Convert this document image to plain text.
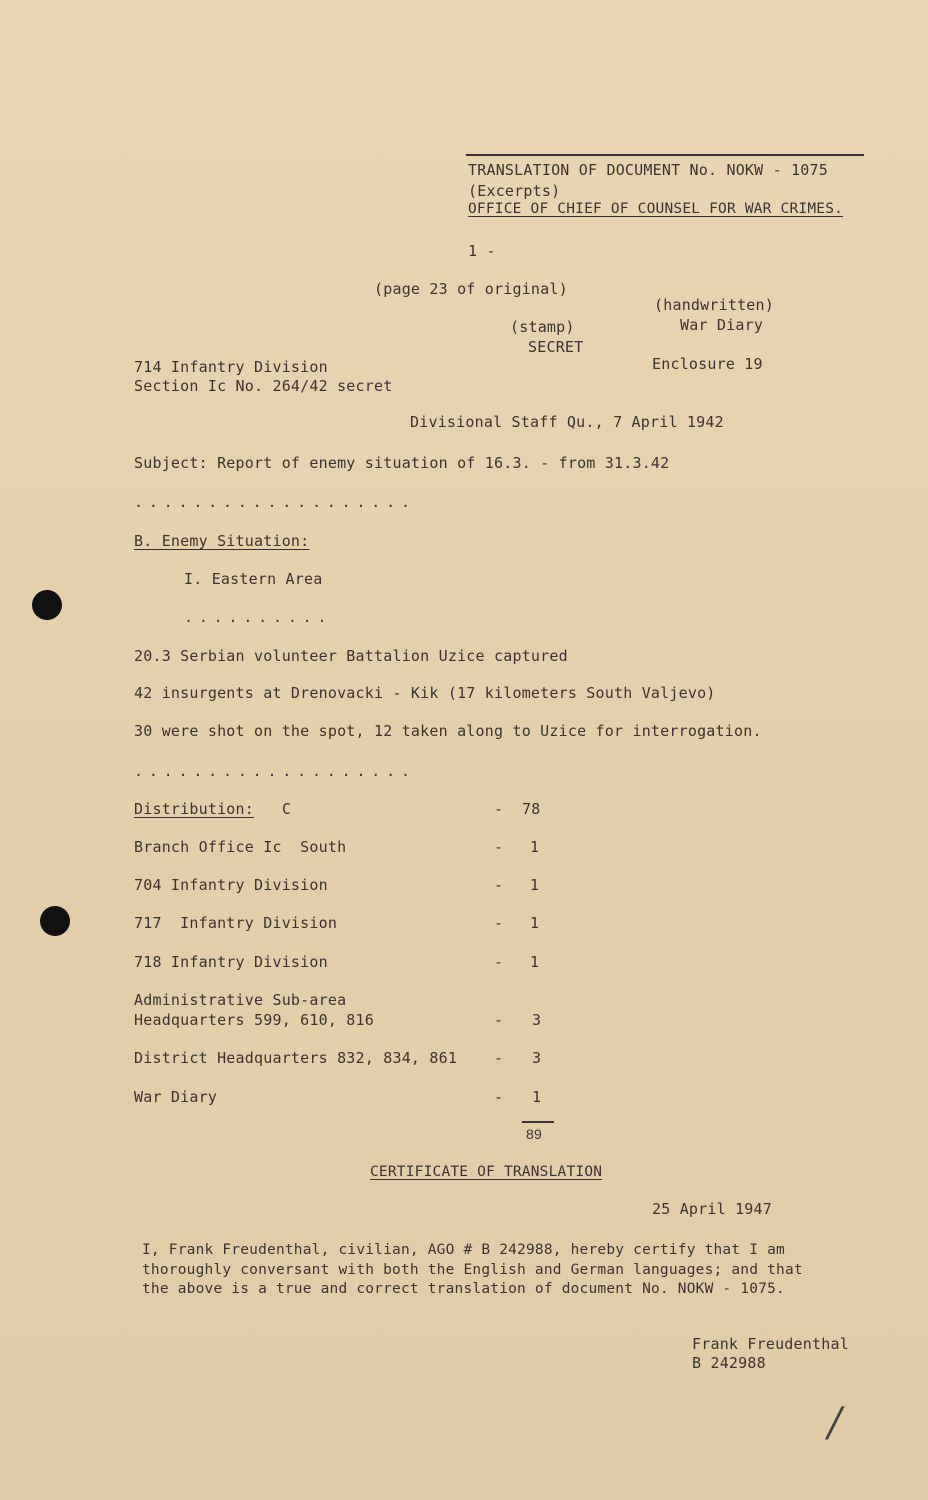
TRANSLATION OF DOCUMENT No. NOKW - 1075
(Excerpts)
OFFICE OF CHIEF OF COUNSEL FOR WAR CRIMES.
1 -
(page 23 of original)
(handwritten)
War Diary
(stamp)
SECRET
Enclosure 19
714 Infantry Division
Section Ic No. 264/42 secret
Divisional Staff Qu., 7 April 1942
Subject: Report of enemy situation of 16.3. - from 31.3.42
...................
B. Enemy Situation:
I. Eastern Area
..........
20.3 Serbian volunteer Battalion Uzice captured
42 insurgents at Drenovacki - Kik (17 kilometers South Valjevo)
30 were shot on the spot, 12 taken along to Uzice for interrogation.
...................
Distribution: C	- 78
Branch Office Ic  South	- 1
704 Infantry Division	- 1
717  Infantry Division	- 1
718 Infantry Division	- 1
Administrative Sub-area
Headquarters 599, 610, 816	- 3
District Headquarters 832, 834, 861 - 3
War Diary	- 1
89
CERTIFICATE OF TRANSLATION
25 April 1947
I, Frank Freudenthal, civilian, AGO # B 242988, hereby certify that I am
thoroughly conversant with both the English and German languages; and that
the above is a true and correct translation of document No. NOKW - 1075.
Frank Freudenthal
B 242988
/
